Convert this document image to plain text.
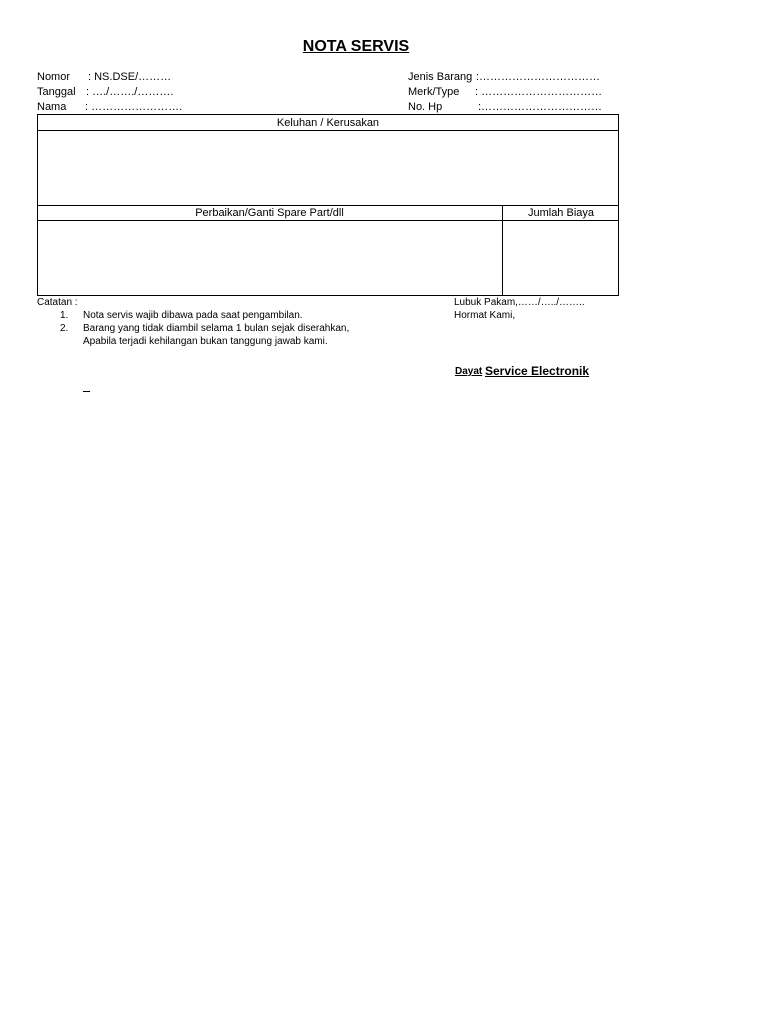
NOTA SERVIS
Nomor : NS.DSE/………
Tanggal : …./……./……….
Nama : …………………….
Jenis Barang :……………………………
Merk/Type : ……………………………
No. Hp	:……………………………
Keluhan / Kerusakan
Perbaikan/Ganti Spare Part/dll	Jumlah Biaya
Catatan :
1. Nota servis wajib dibawa pada saat pengambilan.
2. Barang yang tidak diambil selama 1 bulan sejak diserahkan,
Apabila terjadi kehilangan bukan tanggung jawab kami.
Lubuk Pakam,……/…../……..
Hormat Kami,
Dayat Service Electronik
